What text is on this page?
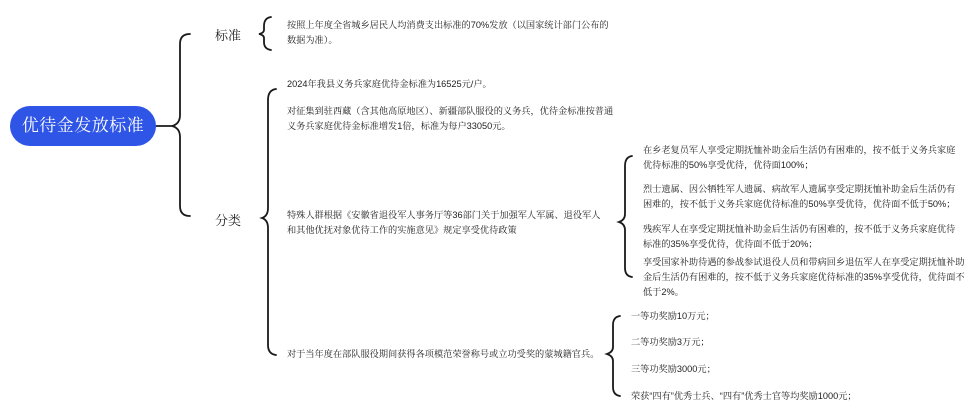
优待金发放标准
标准
按照上年度全省城乡居民人均消费支出标准的70%发放（以国家统计部门公布的数据为准）。
分类
2024年我县义务兵家庭优待金标准为16525元/户。
对征集到驻西藏（含其他高原地区）、新疆部队服役的义务兵，优待金标准按普通义务兵家庭优待金标准增发1倍，标准为每户33050元。
特殊人群根据《安徽省退役军人事务厅等36部门关于加强军人军属、退役军人和其他优抚对象优待工作的实施意见》规定享受优待政策
在乡老复员军人享受定期抚恤补助金后生活仍有困难的，按不低于义务兵家庭优待标准的50%享受优待，优待面100%；
烈士遗属、因公牺牲军人遗属、病故军人遗属享受定期抚恤补助金后生活仍有困难的，按不低于义务兵家庭优待标准的50%享受优待，优待面不低于50%；
残疾军人在享受定期抚恤补助金后生活仍有困难的，按不低于义务兵家庭优待标准的35%享受优待，优待面不低于20%；
享受国家补助待遇的参战参试退役人员和带病回乡退伍军人在享受定期抚恤补助金后生活仍有困难的，按不低于义务兵家庭优待标准的35%享受优待，优待面不低于2%。
对于当年度在部队服役期间获得各项模范荣誉称号或立功受奖的蒙城籍官兵。
一等功奖励10万元；
二等功奖励3万元；
三等功奖励3000元；
荣获“四有”优秀士兵、“四有”优秀士官等均奖励1000元；
